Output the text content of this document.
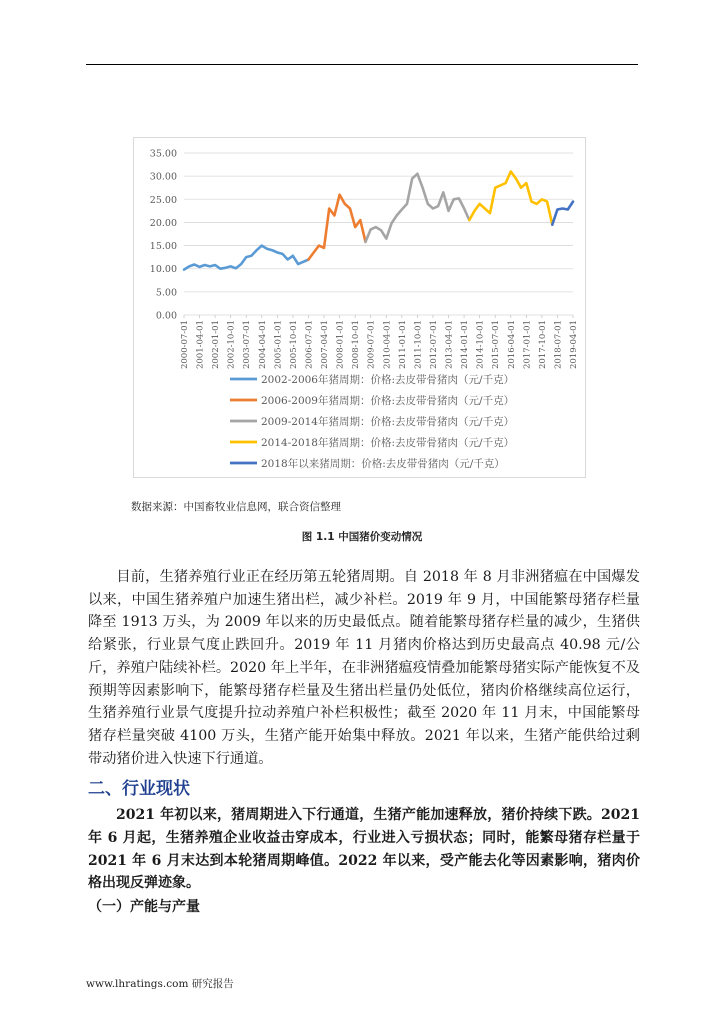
0.00
5.00
10.00
15.00
20.00
25.00
30.00
35.00
2000-07-01 2001-04-01 2002-01-01 2002-10-01 2003-07-01 2004-04-01 2005-01-01 2005-10-01 2006-07-01 2007-04-01 2008-01-01 2008-10-01 2009-07-01 2010-04-01 2011-01-01 2011-10-01 2012-07-01 2013-04-01 2014-01-01 2014-10-01 2015-07-01 2016-04-01 2017-01-01 2017-10-01 2018-07-01 2019-04-01
2002-2006年猪周期：价格:去皮带骨猪肉（元/千克）
2006-2009年猪周期：价格:去皮带骨猪肉（元/千克）
2009-2014年猪周期：价格:去皮带骨猪肉（元/千克）
2014-2018年猪周期：价格:去皮带骨猪肉（元/千克）
2018年以来猪周期：价格:去皮带骨猪肉（元/千克）
数据来源：中国畜牧业信息网，联合资信整理
图 1.1 中国猪价变动情况

目前，生猪养殖行业正在经历第五轮猪周期。自 2018 年 8 月非洲猪瘟在中国爆发以来，中国生猪养殖户加速生猪出栏，减少补栏。2019 年 9 月，中国能繁母猪存栏量降至 1913 万头，为 2009 年以来的历史最低点。随着能繁母猪存栏量的减少，生猪供给紧张，行业景气度止跌回升。2019 年 11 月猪肉价格达到历史最高点 40.98 元/公斤，养殖户陆续补栏。2020 年上半年，在非洲猪瘟疫情叠加能繁母猪实际产能恢复不及预期等因素影响下，能繁母猪存栏量及生猪出栏量仍处低位，猪肉价格继续高位运行，生猪养殖行业景气度提升拉动养殖户补栏积极性；截至 2020 年 11 月末，中国能繁母猪存栏量突破 4100 万头，生猪产能开始集中释放。2021 年以来，生猪产能供给过剩带动猪价进入快速下行通道。

二、行业现状

2021 年初以来，猪周期进入下行通道，生猪产能加速释放，猪价持续下跌。2021年 6 月起，生猪养殖企业收益击穿成本，行业进入亏损状态；同时，能繁母猪存栏量于 2021 年 6 月末达到本轮猪周期峰值。2022 年以来，受产能去化等因素影响，猪肉价格出现反弹迹象。

（一）产能与产量
www.lhratings.com 研究报告
